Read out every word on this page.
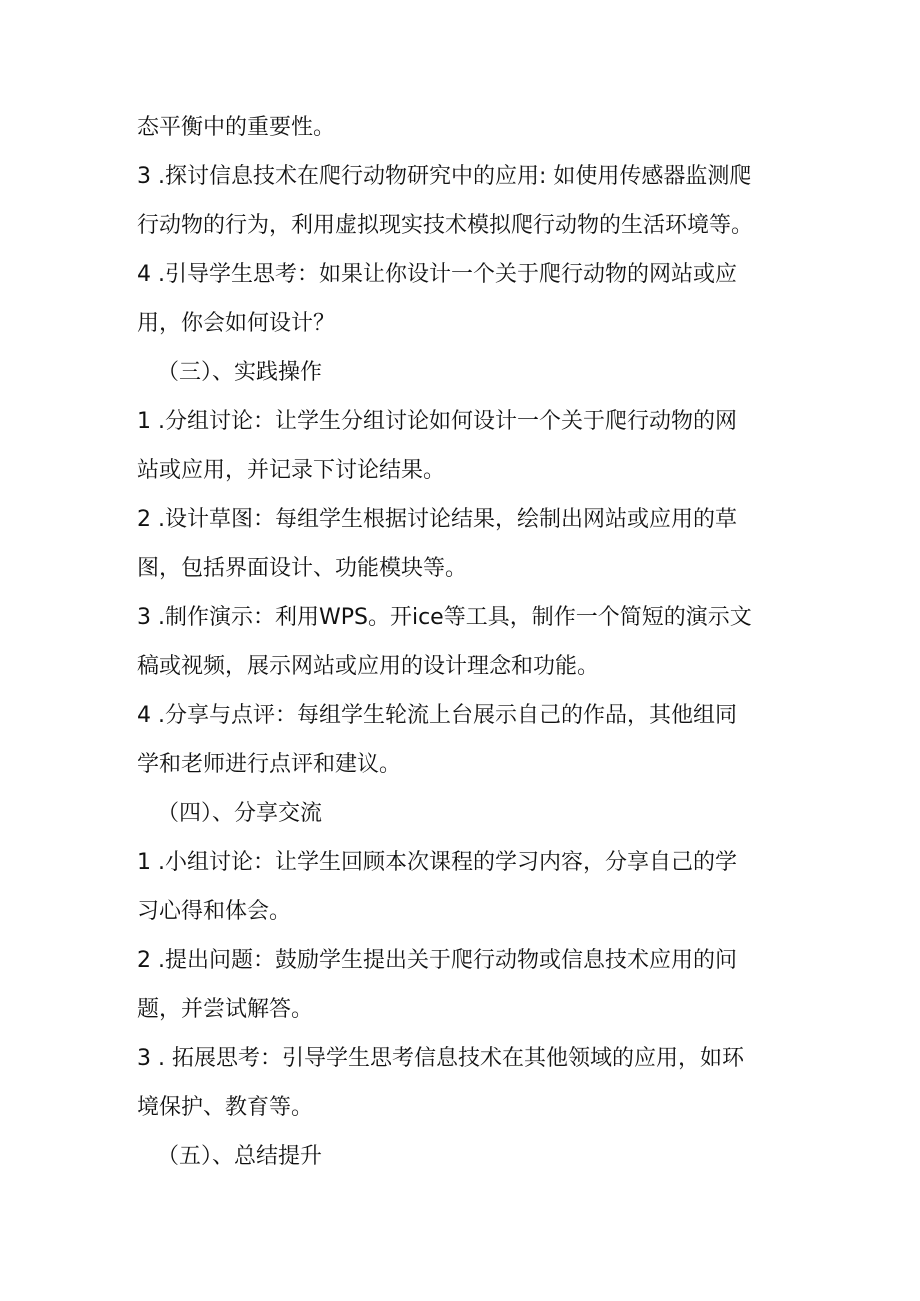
态平衡中的重要性。
3 .探讨信息技术在爬行动物研究中的应用: 如使用传感器监测爬
行动物的行为，利用虚拟现实技术模拟爬行动物的生活环境等。
4 .引导学生思考：如果让你设计一个关于爬行动物的网站或应
用，你会如何设计？
（三）、实践操作
1 .分组讨论：让学生分组讨论如何设计一个关于爬行动物的网
站或应用，并记录下讨论结果。
2 .设计草图：每组学生根据讨论结果，绘制出网站或应用的草
图，包括界面设计、功能模块等。
3 .制作演示：利用WPS。开ice等工具，制作一个简短的演示文
稿或视频，展示网站或应用的设计理念和功能。
4 .分享与点评：每组学生轮流上台展示自己的作品，其他组同
学和老师进行点评和建议。
（四）、分享交流
1 .小组讨论：让学生回顾本次课程的学习内容，分享自己的学
习心得和体会。
2 .提出问题：鼓励学生提出关于爬行动物或信息技术应用的问
题，并尝试解答。
3 . 拓展思考：引导学生思考信息技术在其他领域的应用，如环
境保护、教育等。
（五）、总结提升
